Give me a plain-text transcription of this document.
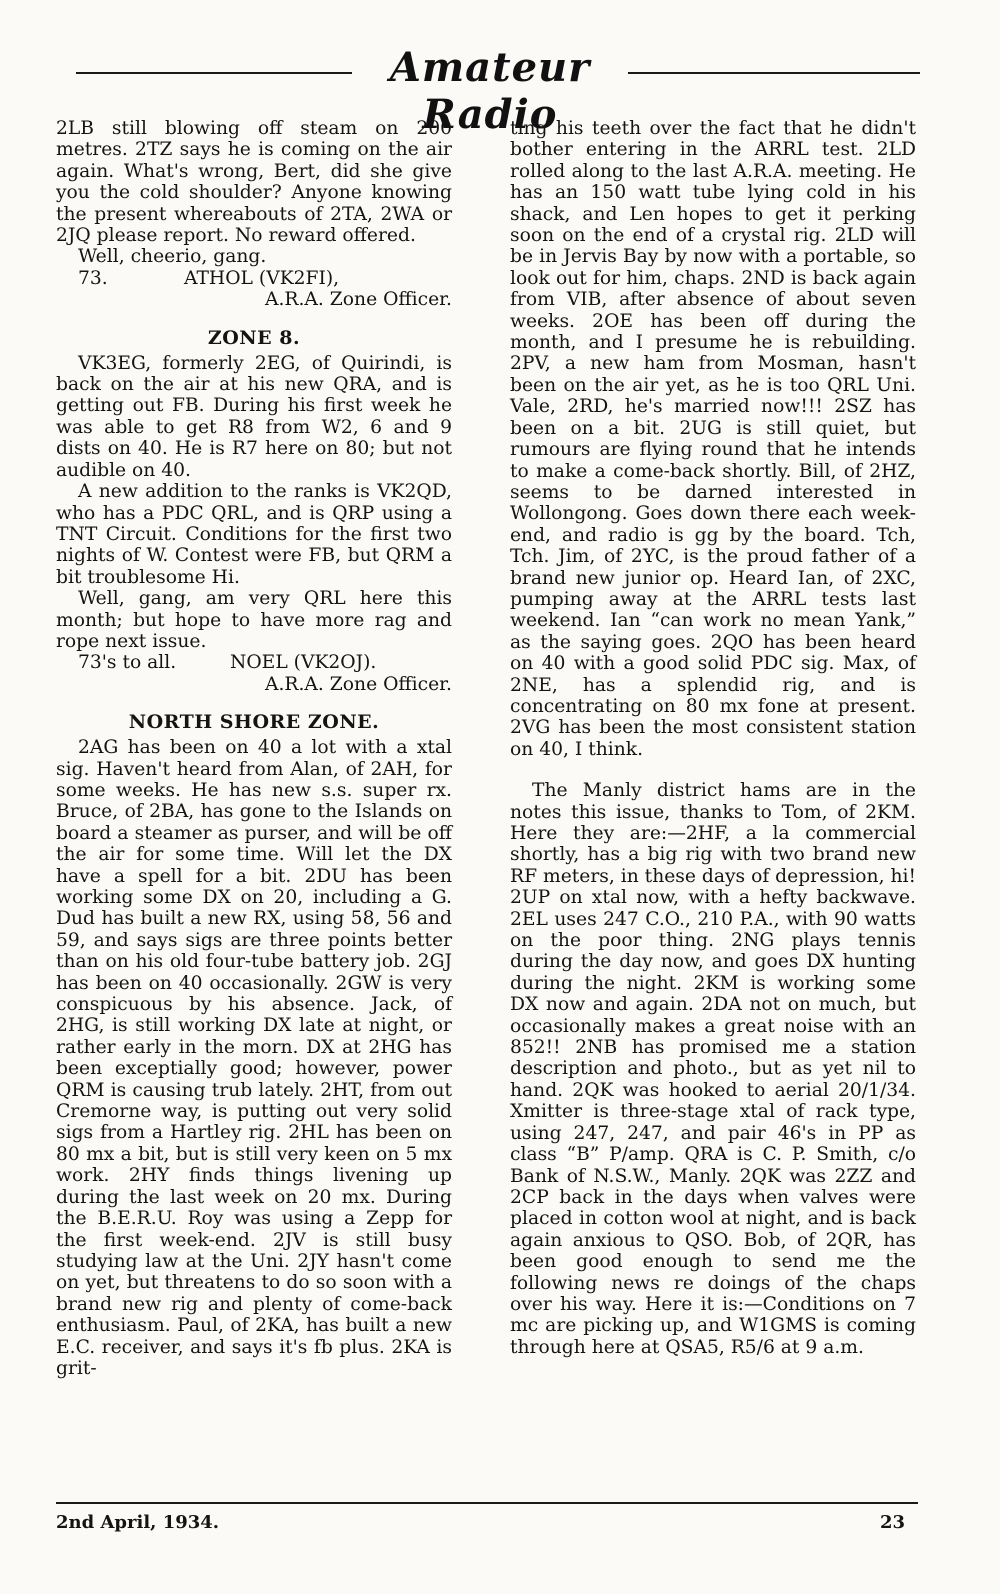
Amateur Radio

2LB still blowing off steam on 200 metres. 2TZ says he is coming on the air again. What's wrong, Bert, did she give you the cold shoulder? Anyone knowing the present whereabouts of 2TA, 2WA or 2JQ please report. No reward offered.

Well, cheerio, gang.

73.	ATHOL (VK2FI),
A.R.A. Zone Officer.
ZONE 8.

VK3EG, formerly 2EG, of Quirindi, is back on the air at his new QRA, and is getting out FB. During his first week he was able to get R8 from W2, 6 and 9 dists on 40. He is R7 here on 80; but not audible on 40.

A new addition to the ranks is VK2QD, who has a PDC QRL, and is QRP using a TNT Circuit. Conditions for the first two nights of W. Contest were FB, but QRM a bit troublesome Hi.

Well, gang, am very QRL here this month; but hope to have more rag and rope next issue.

73's to all.	NOEL (VK2OJ).
A.R.A. Zone Officer.
NORTH SHORE ZONE.

2AG has been on 40 a lot with a xtal sig. Haven't heard from Alan, of 2AH, for some weeks. He has new s.s. super rx. Bruce, of 2BA, has gone to the Islands on board a steamer as purser, and will be off the air for some time. Will let the DX have a spell for a bit. 2DU has been working some DX on 20, including a G. Dud has built a new RX, using 58, 56 and 59, and says sigs are three points better than on his old four-tube battery job. 2GJ has been on 40 occasionally. 2GW is very conspicuous by his absence. Jack, of 2HG, is still working DX late at night, or rather early in the morn. DX at 2HG has been exceptially good; however, power QRM is causing trub lately. 2HT, from out Cremorne way, is putting out very solid sigs from a Hartley rig. 2HL has been on 80 mx a bit, but is still very keen on 5 mx work. 2HY finds things livening up during the last week on 20 mx. During the B.E.R.U. Roy was using a Zepp for the first week-end. 2JV is still busy studying law at the Uni. 2JY hasn't come on yet, but threatens to do so soon with a brand new rig and plenty of come-back enthusiasm. Paul, of 2KA, has built a new E.C. receiver, and says it's fb plus. 2KA is grit-

ting his teeth over the fact that he didn't bother entering in the ARRL test. 2LD rolled along to the last A.R.A. meeting. He has an 150 watt tube lying cold in his shack, and Len hopes to get it perking soon on the end of a crystal rig. 2LD will be in Jervis Bay by now with a portable, so look out for him, chaps. 2ND is back again from VIB, after absence of about seven weeks. 2OE has been off during the month, and I presume he is rebuilding. 2PV, a new ham from Mosman, hasn't been on the air yet, as he is too QRL Uni. Vale, 2RD, he's married now!!! 2SZ has been on a bit. 2UG is still quiet, but rumours are flying round that he intends to make a come-back shortly. Bill, of 2HZ, seems to be darned interested in Wollongong. Goes down there each week-end, and radio is gg by the board. Tch, Tch. Jim, of 2YC, is the proud father of a brand new junior op. Heard Ian, of 2XC, pumping away at the ARRL tests last weekend. Ian “can work no mean Yank,” as the saying goes. 2QO has been heard on 40 with a good solid PDC sig. Max, of 2NE, has a splendid rig, and is concentrating on 80 mx fone at present. 2VG has been the most consistent station on 40, I think.

The Manly district hams are in the notes this issue, thanks to Tom, of 2KM. Here they are:—2HF, a la commercial shortly, has a big rig with two brand new RF meters, in these days of depression, hi! 2UP on xtal now, with a hefty backwave. 2EL uses 247 C.O., 210 P.A., with 90 watts on the poor thing. 2NG plays tennis during the day now, and goes DX hunting during the night. 2KM is working some DX now and again. 2DA not on much, but occasionally makes a great noise with an 852!! 2NB has promised me a station description and photo., but as yet nil to hand. 2QK was hooked to aerial 20/1/34. Xmitter is three-stage xtal of rack type, using 247, 247, and pair 46's in PP as class “B” P/amp. QRA is C. P. Smith, c/o Bank of N.S.W., Manly. 2QK was 2ZZ and 2CP back in the days when valves were placed in cotton wool at night, and is back again anxious to QSO. Bob, of 2QR, has been good enough to send me the following news re doings of the chaps over his way. Here it is:—Conditions on 7 mc are picking up, and W1GMS is coming through here at QSA5, R5/6 at 9 a.m.

2nd April, 1934.	23
